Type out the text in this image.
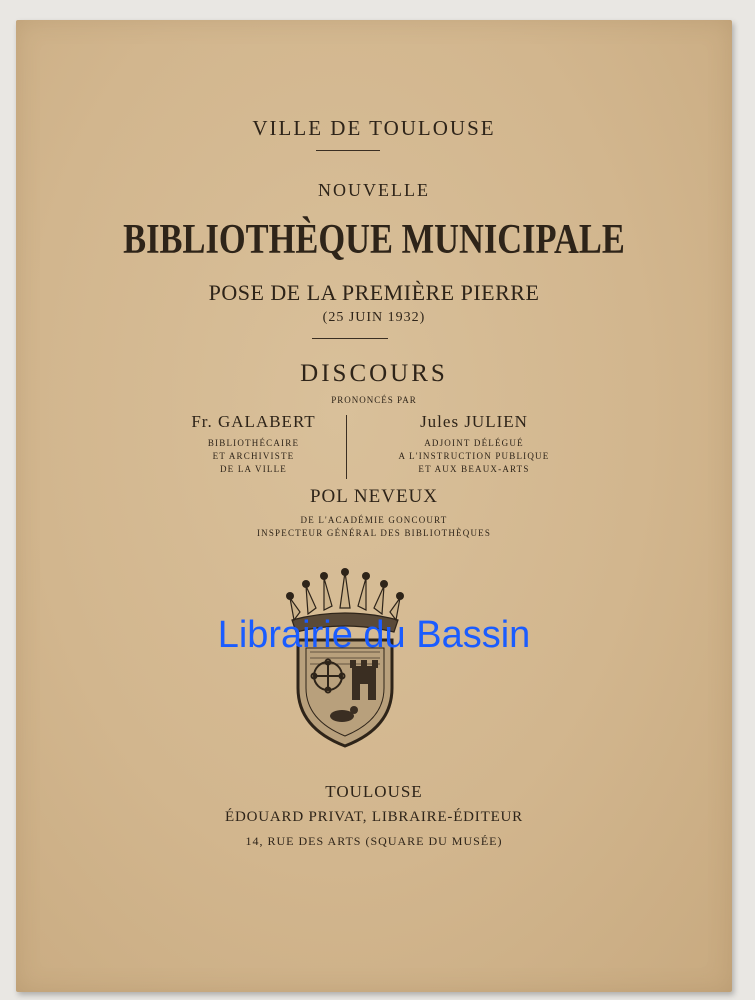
VILLE DE TOULOUSE
NOUVELLE
BIBLIOTHÈQUE MUNICIPALE
POSE DE LA PREMIÈRE PIERRE
(25 JUIN 1932)
DISCOURS
PRONONCÉS PAR
Fr. GALABERT
BIBLIOTHÉCAIRE
ET ARCHIVISTE
DE LA VILLE
Jules JULIEN
ADJOINT DÉLÉGUÉ
A L'INSTRUCTION PUBLIQUE
ET AUX BEAUX-ARTS
POL NEVEUX
DE L'ACADÉMIE GONCOURT
INSPECTEUR GÉNÉRAL DES BIBLIOTHÈQUES
Librairie du Bassin
TOULOUSE
ÉDOUARD PRIVAT, LIBRAIRE-ÉDITEUR
14, RUE DES ARTS (SQUARE DU MUSÉE)
